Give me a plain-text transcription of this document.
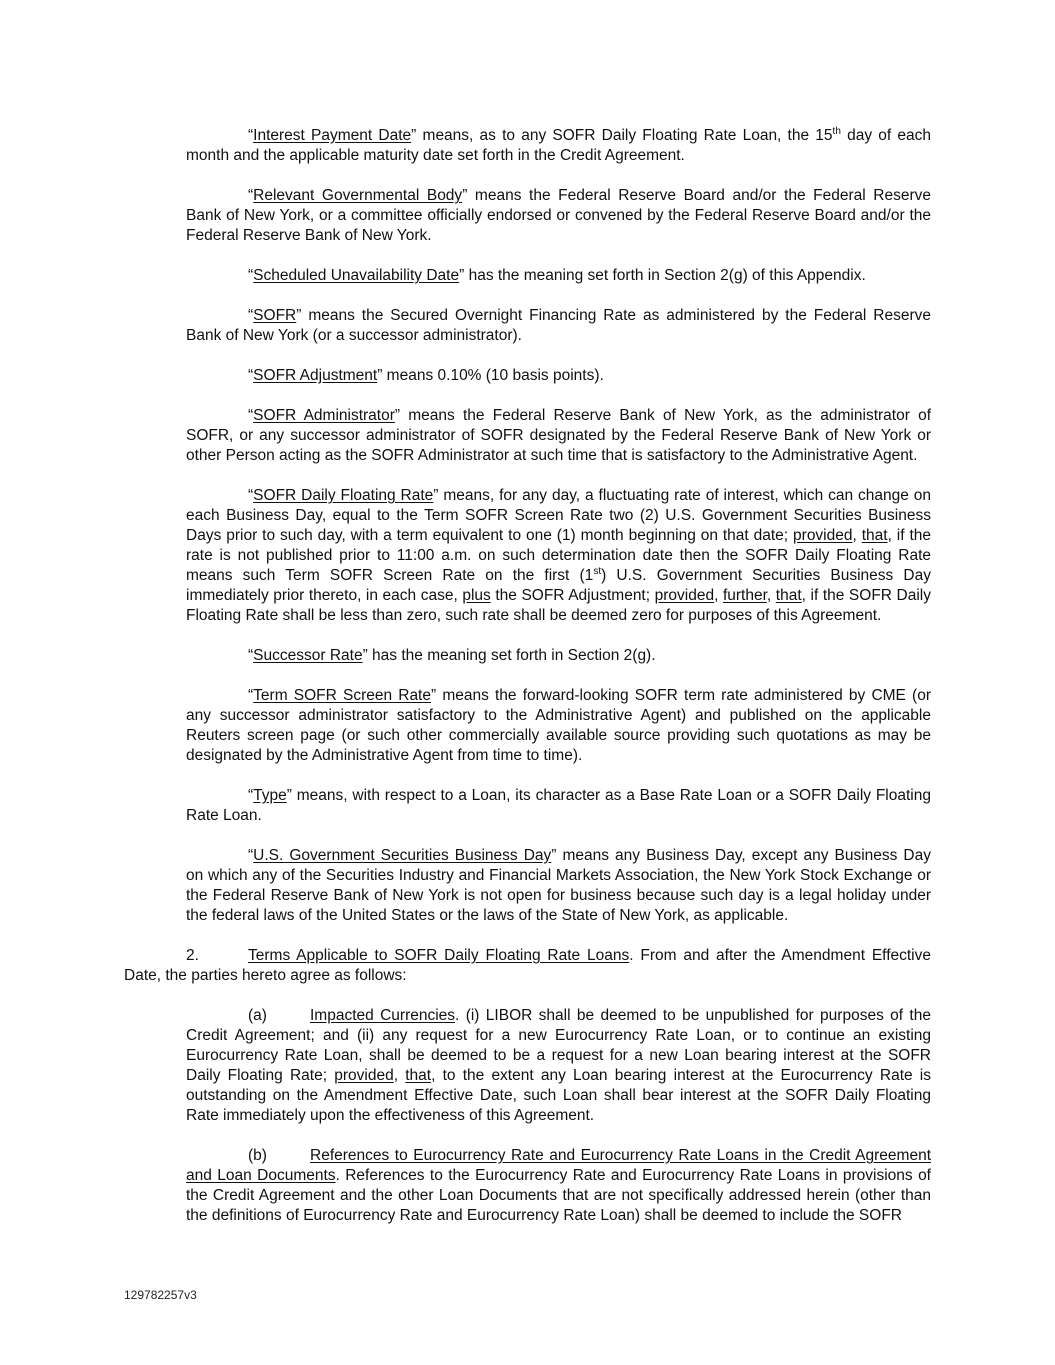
“Interest Payment Date” means, as to any SOFR Daily Floating Rate Loan, the 15th day of each month and the applicable maturity date set forth in the Credit Agreement.

“Relevant Governmental Body” means the Federal Reserve Board and/or the Federal Reserve Bank of New York, or a committee officially endorsed or convened by the Federal Reserve Board and/or the Federal Reserve Bank of New York.

“Scheduled Unavailability Date” has the meaning set forth in Section 2(g) of this Appendix.

“SOFR” means the Secured Overnight Financing Rate as administered by the Federal Reserve Bank of New York (or a successor administrator).

“SOFR Adjustment” means 0.10% (10 basis points).

“SOFR Administrator” means the Federal Reserve Bank of New York, as the administrator of SOFR, or any successor administrator of SOFR designated by the Federal Reserve Bank of New York or other Person acting as the SOFR Administrator at such time that is satisfactory to the Administrative Agent.

“SOFR Daily Floating Rate” means, for any day, a fluctuating rate of interest, which can change on each Business Day, equal to the Term SOFR Screen Rate two (2) U.S. Government Securities Business Days prior to such day, with a term equivalent to one (1) month beginning on that date; provided, that, if the rate is not published prior to 11:00 a.m. on such determination date then the SOFR Daily Floating Rate means such Term SOFR Screen Rate on the first (1st) U.S. Government Securities Business Day immediately prior thereto, in each case, plus the SOFR Adjustment; provided, further, that, if the SOFR Daily Floating Rate shall be less than zero, such rate shall be deemed zero for purposes of this Agreement.

“Successor Rate” has the meaning set forth in Section 2(g).

“Term SOFR Screen Rate” means the forward-looking SOFR term rate administered by CME (or any successor administrator satisfactory to the Administrative Agent) and published on the applicable Reuters screen page (or such other commercially available source providing such quotations as may be designated by the Administrative Agent from time to time).

“Type” means, with respect to a Loan, its character as a Base Rate Loan or a SOFR Daily Floating Rate Loan.

“U.S. Government Securities Business Day” means any Business Day, except any Business Day on which any of the Securities Industry and Financial Markets Association, the New York Stock Exchange or the Federal Reserve Bank of New York is not open for business because such day is a legal holiday under the federal laws of the United States or the laws of the State of New York, as applicable.

2.	Terms Applicable to SOFR Daily Floating Rate Loans. From and after the Amendment Effective Date, the parties hereto agree as follows:

(a)	Impacted Currencies. (i) LIBOR shall be deemed to be unpublished for purposes of the Credit Agreement; and (ii) any request for a new Eurocurrency Rate Loan, or to continue an existing Eurocurrency Rate Loan, shall be deemed to be a request for a new Loan bearing interest at the SOFR Daily Floating Rate; provided, that, to the extent any Loan bearing interest at the Eurocurrency Rate is outstanding on the Amendment Effective Date, such Loan shall bear interest at the SOFR Daily Floating Rate immediately upon the effectiveness of this Agreement.

(b)	References to Eurocurrency Rate and Eurocurrency Rate Loans in the Credit Agreement and Loan Documents. References to the Eurocurrency Rate and Eurocurrency Rate Loans in provisions of the Credit Agreement and the other Loan Documents that are not specifically addressed herein (other than the definitions of Eurocurrency Rate and Eurocurrency Rate Loan) shall be deemed to include the SOFR

129782257v3
